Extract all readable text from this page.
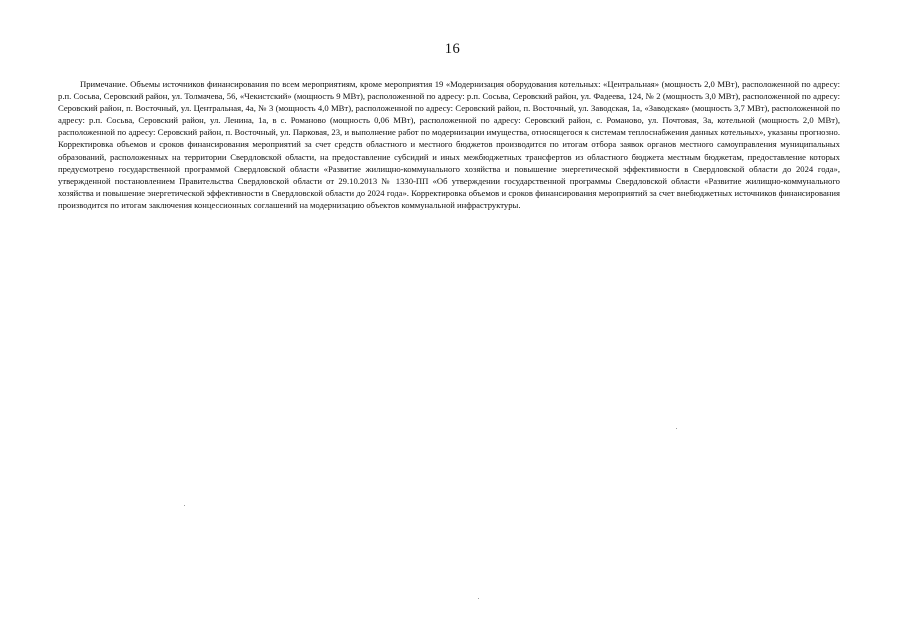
16

Примечание. Объемы источников финансирования по всем мероприятиям, кроме мероприятия 19 «Модернизация оборудования котельных: «Центральная» (мощность 2,0 МВт), расположенной по адресу: р.п. Сосьва, Серовский район, ул. Толмачева, 56, «Чекистский» (мощность 9 МВт), расположенной по адресу: р.п. Сосьва, Серовский район, ул. Фадеева, 124, № 2 (мощность 3,0 МВт), расположенной по адресу: Серовский район, п. Восточный, ул. Центральная, 4а, № 3 (мощность 4,0 МВт), расположенной по адресу: Серовский район, п. Восточный, ул. Заводская, 1а, «Заводская» (мощность 3,7 МВт), расположенной по адресу: р.п. Сосьва, Серовский район, ул. Ленина, 1а, в с. Романово (мощность 0,06 МВт), расположенной по адресу: Серовский район, с. Романово, ул. Почтовая, 3а, котельной (мощность 2,0 МВт), расположенной по адресу: Серовский район, п. Восточный, ул. Парковая, 23, и выполнение работ по модернизации имущества, относящегося к системам теплоснабжения данных котельных», указаны прогнозно. Корректировка объемов и сроков финансирования мероприятий за счет средств областного и местного бюджетов производится по итогам отбора заявок органов местного самоуправления муниципальных образований, расположенных на территории Свердловской области, на предоставление субсидий и иных межбюджетных трансфертов из областного бюджета местным бюджетам, предоставление которых предусмотрено государственной программой Свердловской области «Развитие жилищно-коммунального хозяйства и повышение энергетической эффективности в Свердловской области до 2024 года», утвержденной постановлением Правительства Свердловской области от 29.10.2013 № 1330-ПП «Об утверждении государственной программы Свердловской области «Развитие жилищно-коммунального хозяйства и повышение энергетической эффективности в Свердловской области до 2024 года». Корректировка объемов и сроков финансирования мероприятий за счет внебюджетных источников финансирования производится по итогам заключения концессионных соглашений на модернизацию объектов коммунальной инфраструктуры.
